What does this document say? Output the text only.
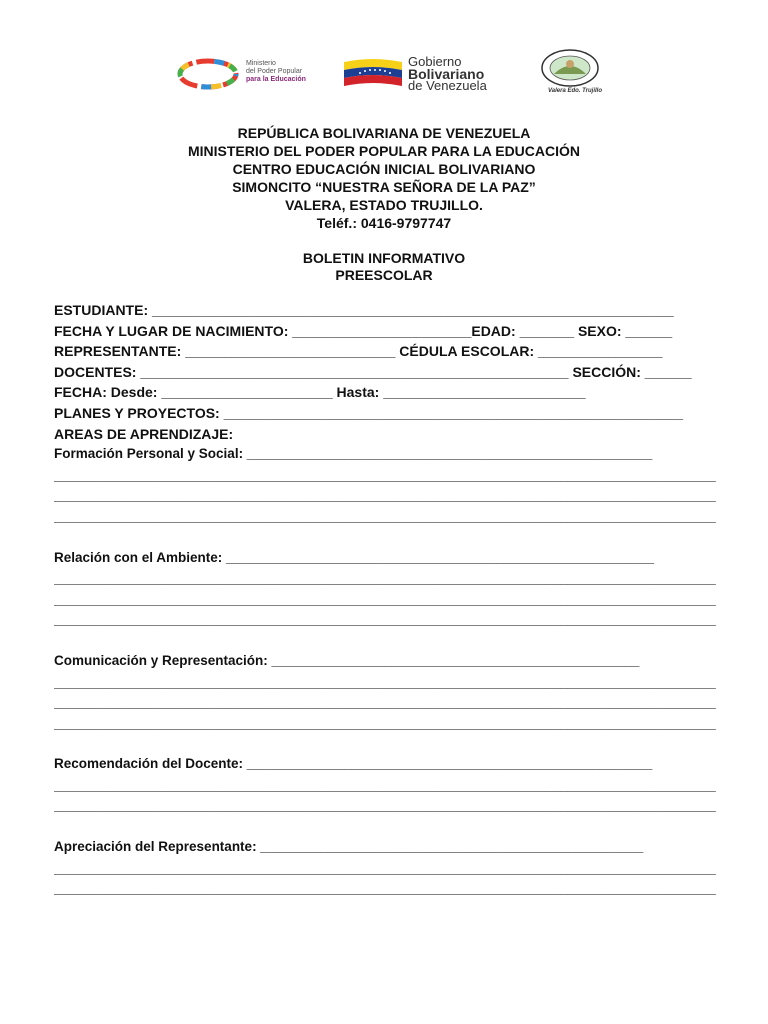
Ministerio
del Poder Popular
para la Educación
Gobierno
Bolivariano
de Venezuela	Valera Edo. Trujillo
REPÚBLICA BOLIVARIANA DE VENEZUELA
MINISTERIO DEL PODER POPULAR PARA LA EDUCACIÓN
CENTRO EDUCACIÓN INICIAL BOLIVARIANO
SIMONCITO “NUESTRA SEÑORA DE LA PAZ”
VALERA, ESTADO TRUJILLO.
Teléf.: 0416-9797747
BOLETIN INFORMATIVO
PREESCOLAR
ESTUDIANTE: ___________________________________________________________________
FECHA Y LUGAR DE NACIMIENTO: _______________________EDAD: _______ SEXO: ______
REPRESENTANTE: ___________________________ CÉDULA ESCOLAR: ________________
DOCENTES: _______________________________________________________ SECCIÓN: ______
FECHA: Desde: ______________________ Hasta: __________________________
PLANES Y PROYECTOS: ___________________________________________________________
AREAS DE APRENDIZAJE:
Formación Personal y Social: ______________________________________________________
_____________________________________________________________________________________
_____________________________________________________________________________________
_____________________________________________________________________________________
Relación con el Ambiente: _________________________________________________________
_____________________________________________________________________________________
_____________________________________________________________________________________
_____________________________________________________________________________________
Comunicación y Representación: _________________________________________________
_____________________________________________________________________________________
_____________________________________________________________________________________
_____________________________________________________________________________________
Recomendación del Docente: ______________________________________________________
_____________________________________________________________________________________
_____________________________________________________________________________________
Apreciación del Representante: ___________________________________________________
_____________________________________________________________________________________
_____________________________________________________________________________________
